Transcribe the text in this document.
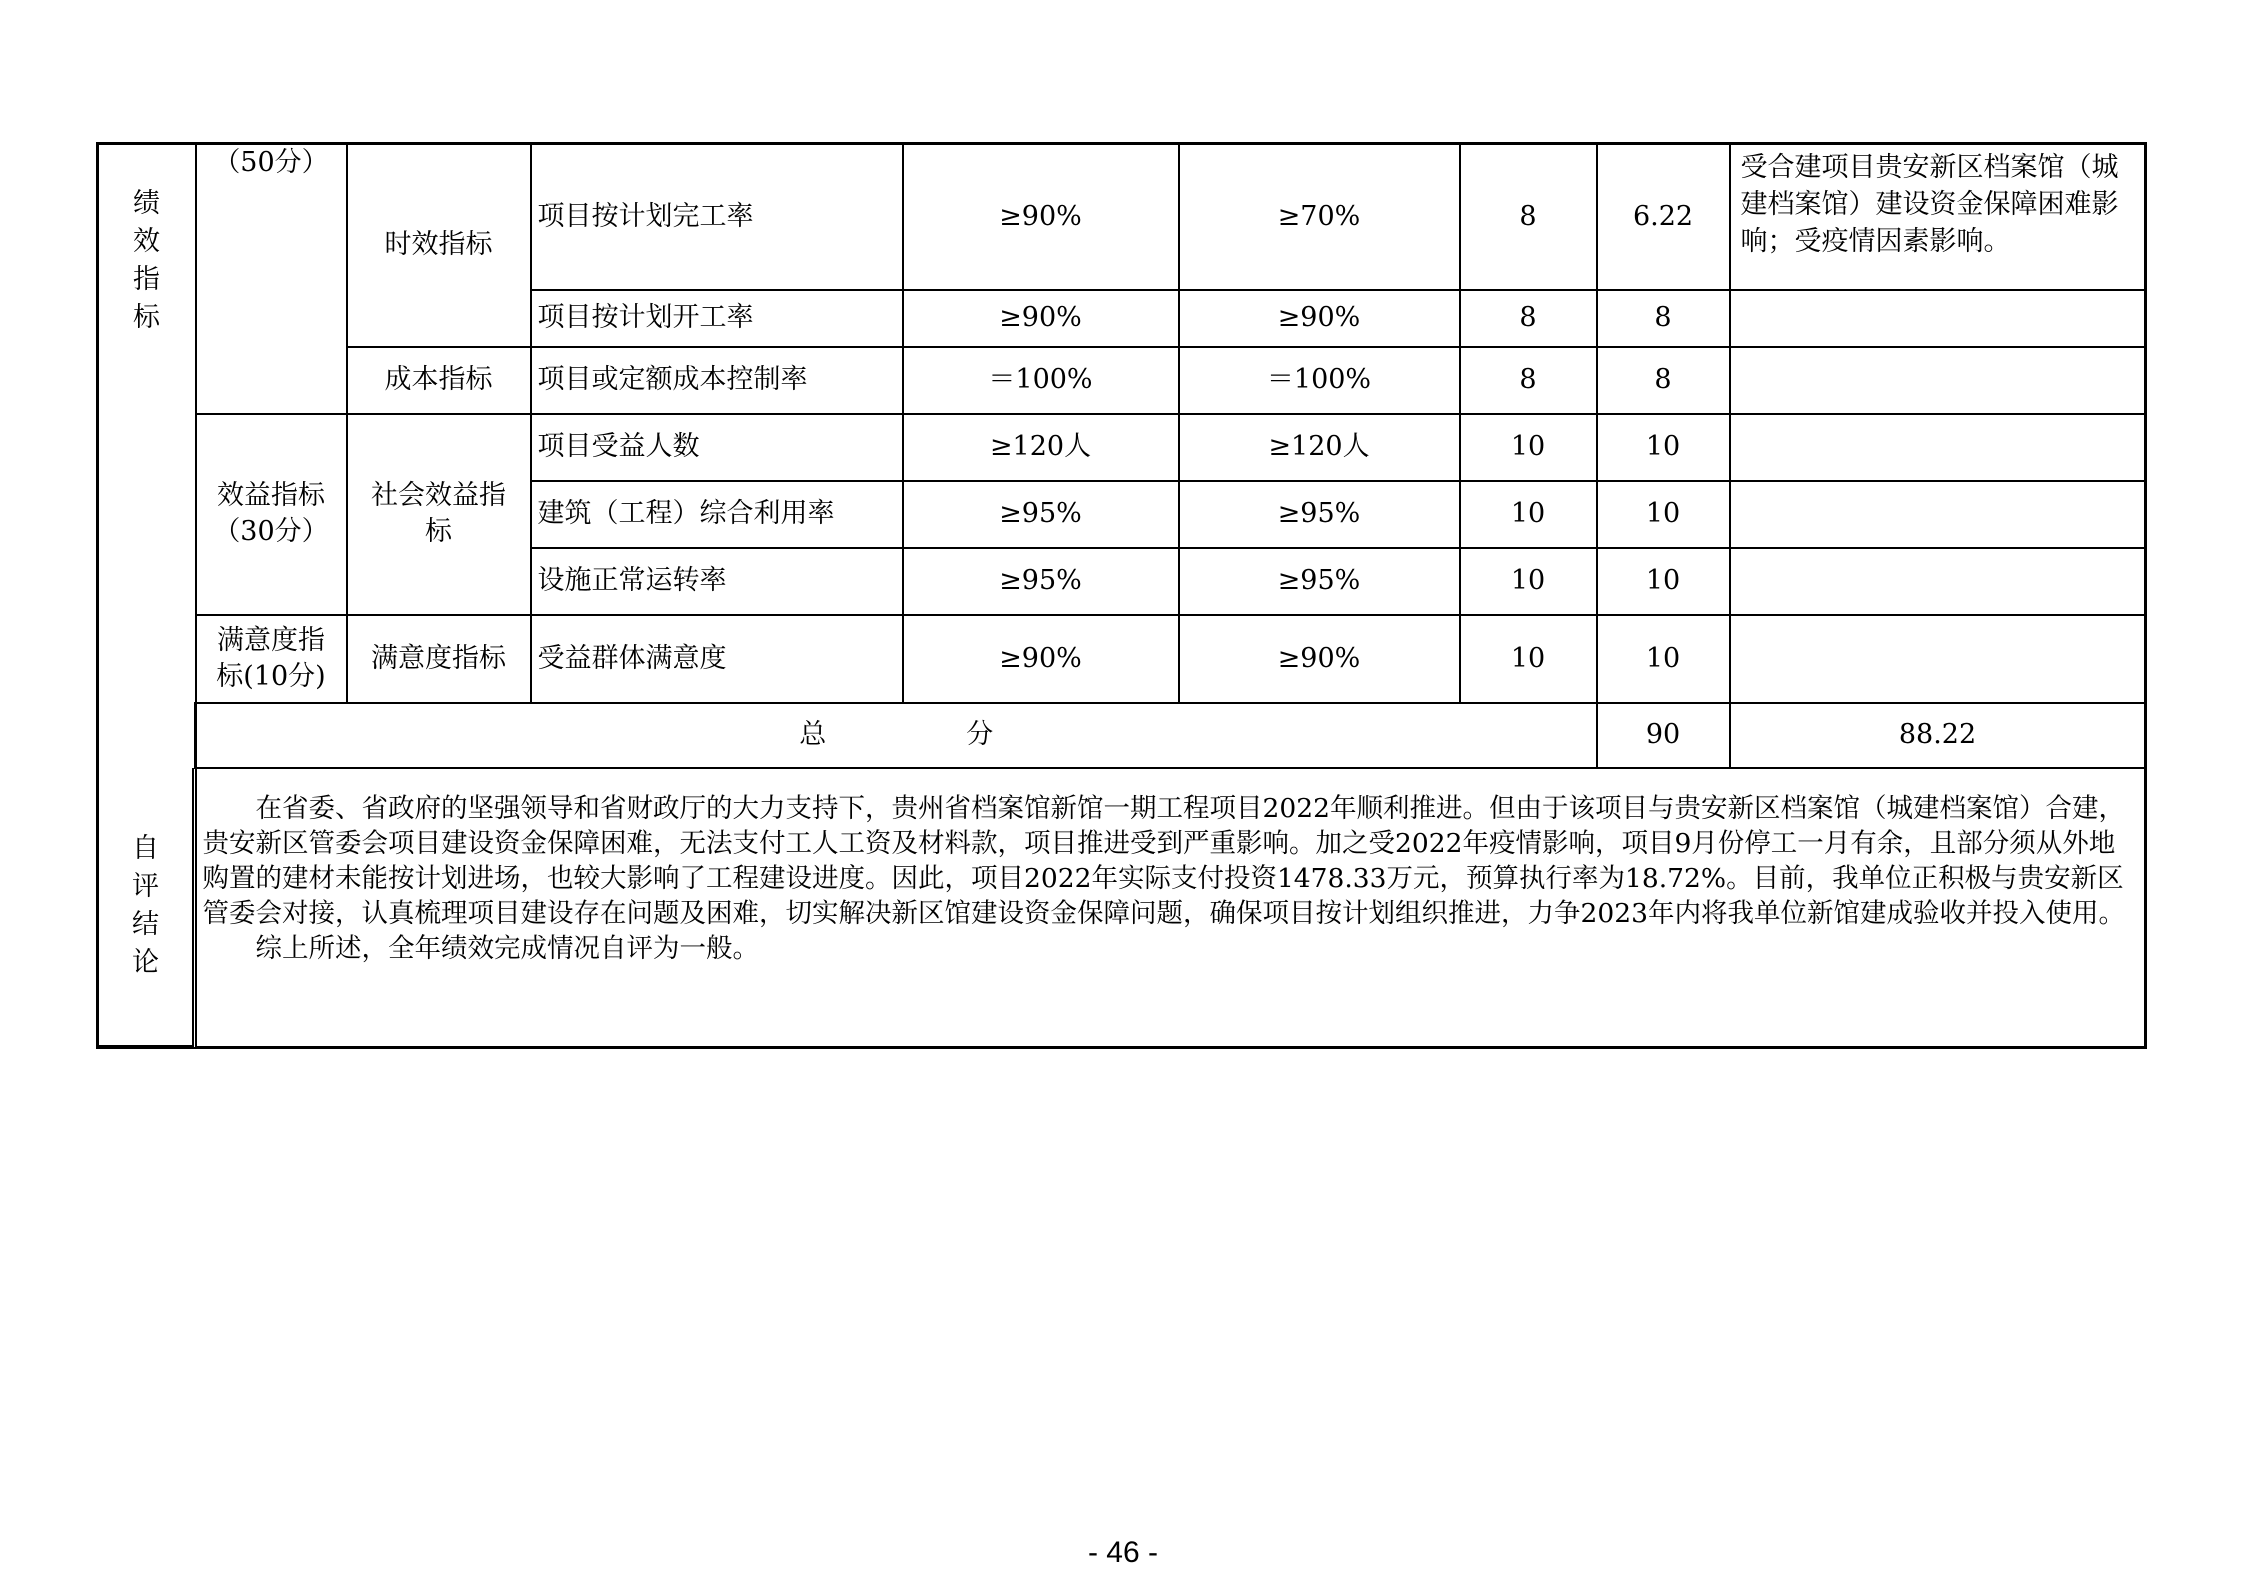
绩效指标	（50分）	时效指标	项目按计划完工率	≥90%	≥70%	8	6.22	受合建项目贵安新区档案馆（城建档案馆）建设资金保障困难影响；受疫情因素影响。	
			项目按计划开工率	≥90%	≥90%	8	8		
		成本指标	项目或定额成本控制率	＝100%	＝100%	8	8		

	效益指标（30分）	社会效益指标	项目受益人数	≥120人	≥120人	10	10		
			建筑（工程）综合利用率	≥95%	≥95%	10	10		
			设施正常运转率	≥95%	≥95%	10	10		

	满意度指标(10分)	满意度指标	受益群体满意度	≥90%	≥90%	10	10		
	总 分						90	88.22	

	在省委、省政府的坚强领导和省财政厅的大力支持下，贵州省档案馆新馆一期工程项目2022年顺利推进。但由于该项目与贵安新区档案馆（城建档案馆）合建，贵安新区管委会项目建设资金保障困难，无法支付工人工资及材料款，项目推进受到严重影响。加之受2022年疫情影响，项目9月份停工一月有余，且部分须从外地购置的建材未能按计划进场，也较大影响了工程建设进度。因此，项目2022年实际支付投资1478.33万元，预算执行率为18.72%。目前，我单位正积极与贵安新区管委会对接，认真梳理项目建设存在问题及困难，切实解决新区馆建设资金保障问题，确保项目按计划组织推进，力争2023年内将我单位新馆建成验收并投入使用。

综上所述，全年绩效完成情况自评为一般。								

自评结论
- 46 -
